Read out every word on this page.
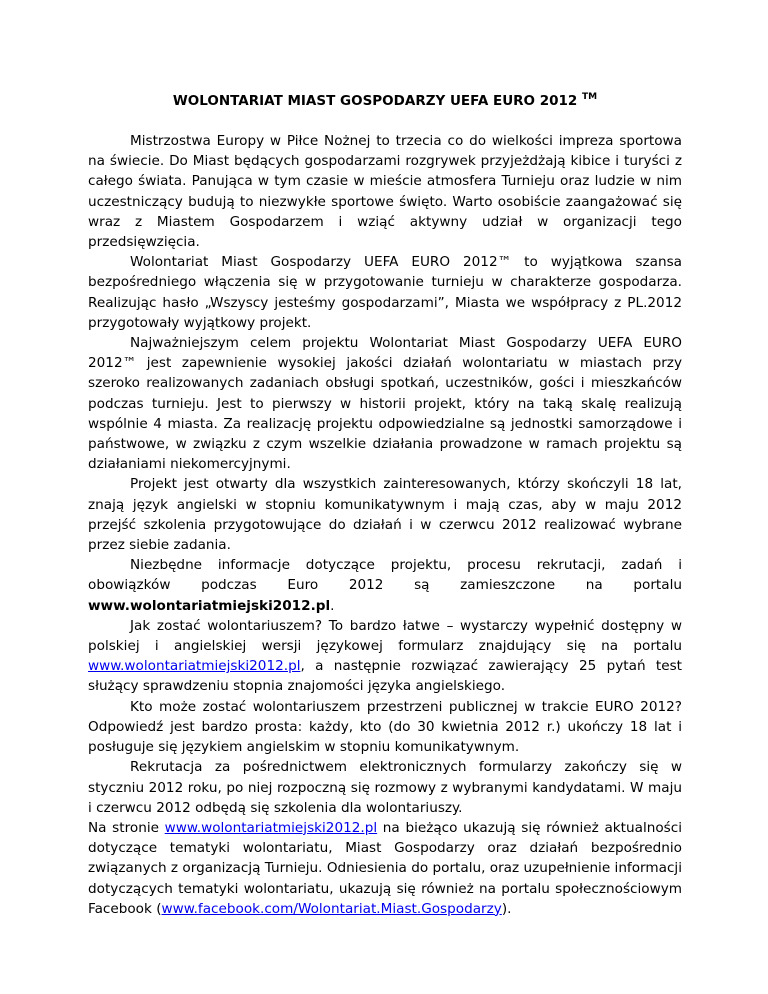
WOLONTARIAT MIAST GOSPODARZY UEFA EURO 2012 ™

Mistrzostwa Europy w Piłce Nożnej to trzecia co do wielkości impreza sportowa na świecie. Do Miast będących gospodarzami rozgrywek przyjeżdżają kibice i turyści z całego świata. Panująca w tym czasie w mieście atmosfera Turnieju oraz ludzie w nim uczestniczący budują to niezwykłe sportowe święto. Warto osobiście zaangażować się wraz z Miastem Gospodarzem i wziąć aktywny udział w organizacji tego przedsięwzięcia.

Wolontariat Miast Gospodarzy UEFA EURO 2012™ to wyjątkowa szansa bezpośredniego włączenia się w przygotowanie turnieju w charakterze gospodarza. Realizując hasło „Wszyscy jesteśmy gospodarzami”, Miasta we współpracy z PL.2012 przygotowały wyjątkowy projekt.

Najważniejszym celem projektu Wolontariat Miast Gospodarzy UEFA EURO 2012™ jest zapewnienie wysokiej jakości działań wolontariatu w miastach przy szeroko realizowanych zadaniach obsługi spotkań, uczestników, gości i mieszkańców podczas turnieju. Jest to pierwszy w historii projekt, który na taką skalę realizują wspólnie 4 miasta. Za realizację projektu odpowiedzialne są jednostki samorządowe i państwowe, w związku z czym wszelkie działania prowadzone w ramach projektu są działaniami niekomercyjnymi.

Projekt jest otwarty dla wszystkich zainteresowanych, którzy skończyli 18 lat, znają język angielski w stopniu komunikatywnym i mają czas, aby w maju 2012 przejść szkolenia przygotowujące do działań i w czerwcu 2012 realizować wybrane przez siebie zadania.

Niezbędne informacje dotyczące projektu, procesu rekrutacji, zadań i obowiązków podczas Euro 2012 są zamieszczone na portalu www.wolontariatmiejski2012.pl.

Jak zostać wolontariuszem? To bardzo łatwe – wystarczy wypełnić dostępny w polskiej i angielskiej wersji językowej formularz znajdujący się na portalu www.wolontariatmiejski2012.pl, a następnie rozwiązać zawierający 25 pytań test służący sprawdzeniu stopnia znajomości języka angielskiego.

Kto może zostać wolontariuszem przestrzeni publicznej w trakcie EURO 2012? Odpowiedź jest bardzo prosta: każdy, kto (do 30 kwietnia 2012 r.) ukończy 18 lat i posługuje się językiem angielskim w stopniu komunikatywnym.

Rekrutacja za pośrednictwem elektronicznych formularzy zakończy się w styczniu 2012 roku, po niej rozpoczną się rozmowy z wybranymi kandydatami. W maju i czerwcu 2012 odbędą się szkolenia dla wolontariuszy.

Na stronie www.wolontariatmiejski2012.pl na bieżąco ukazują się również aktualności dotyczące tematyki wolontariatu, Miast Gospodarzy oraz działań bezpośrednio związanych z organizacją Turnieju. Odniesienia do portalu, oraz uzupełnienie informacji dotyczących tematyki wolontariatu, ukazują się również na portalu społecznościowym Facebook (www.facebook.com/Wolontariat.Miast.Gospodarzy).
